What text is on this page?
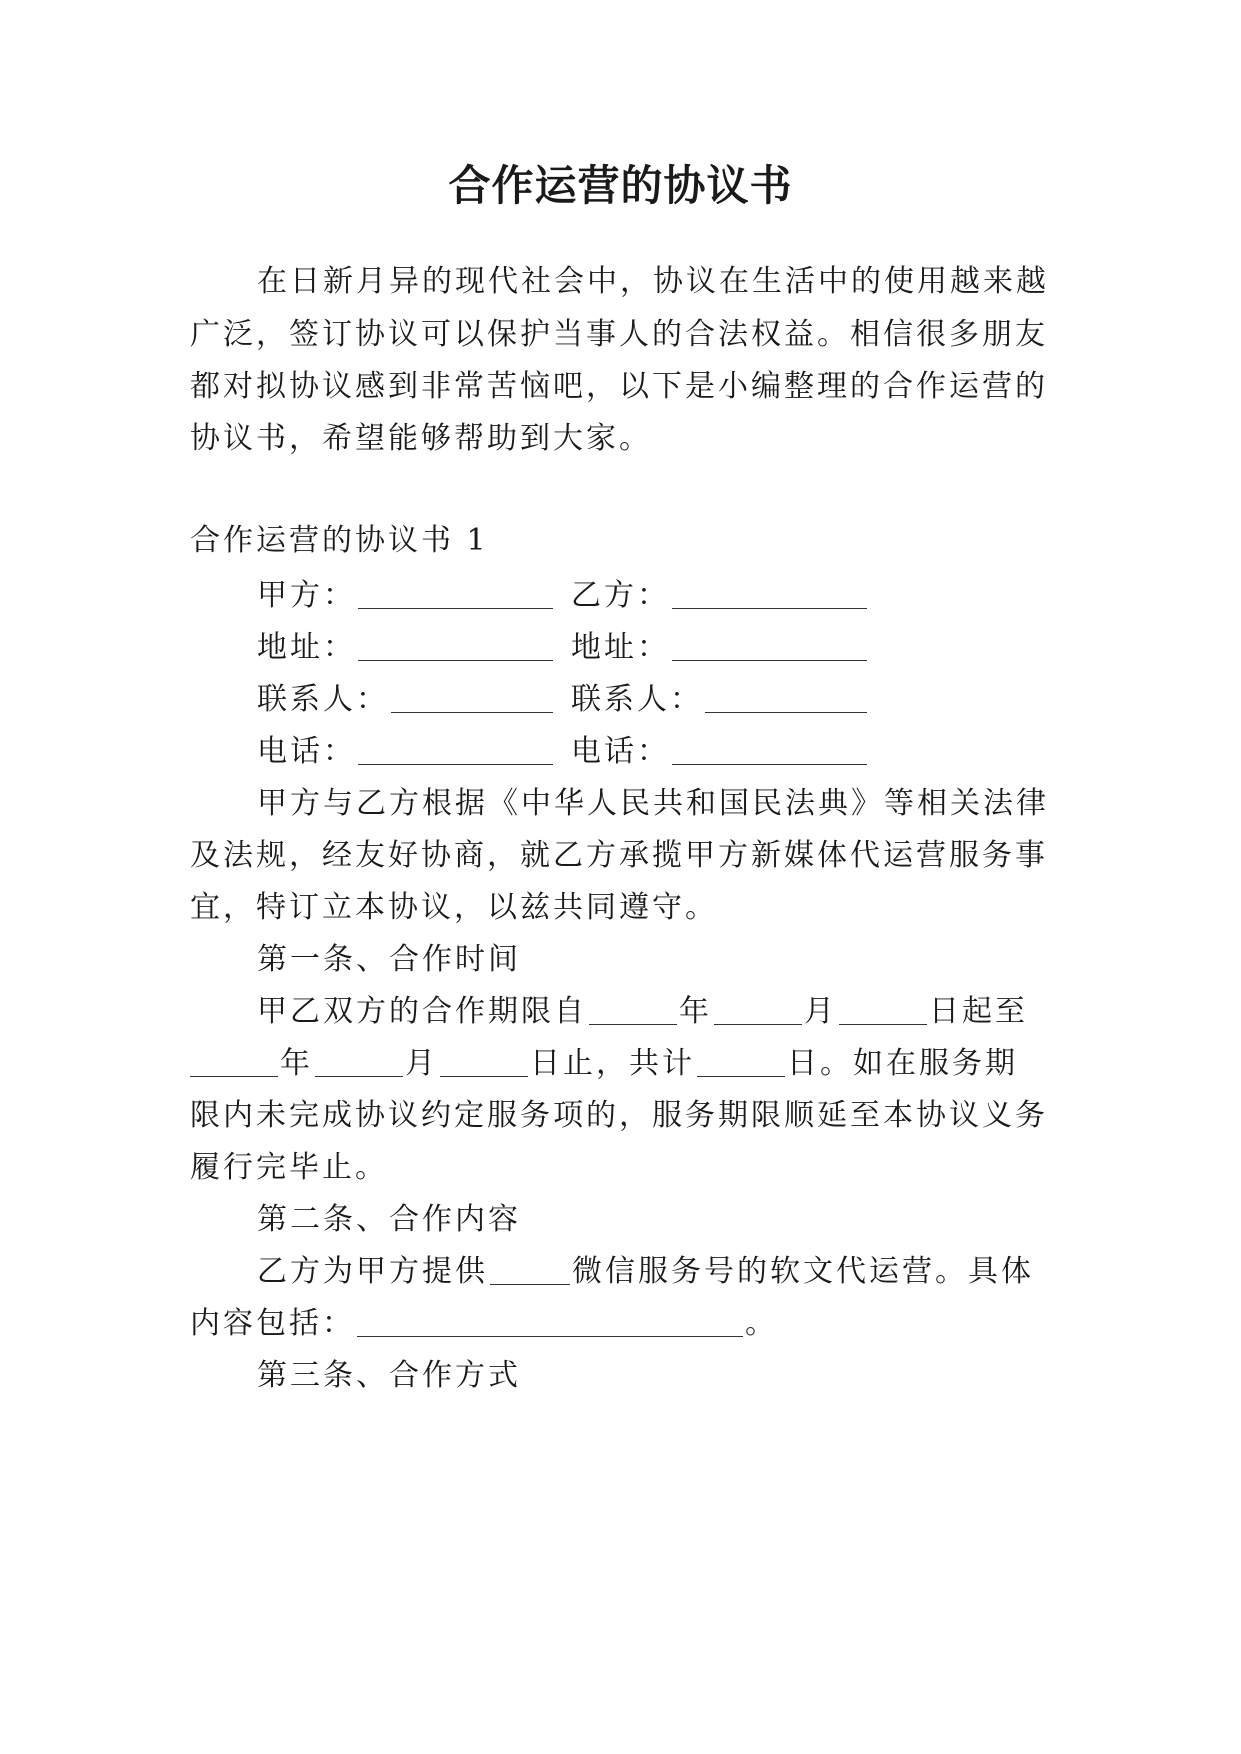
合作运营的协议书
在日新月异的现代社会中，协议在生活中的使用越来越
广泛，签订协议可以保护当事人的合法权益。相信很多朋友
都对拟协议感到非常苦恼吧，以下是小编整理的合作运营的
协议书，希望能够帮助到大家。
合作运营的协议书 1
甲方：	乙方：
地址：	地址：
联系人：	联系人：
电话：	电话：
甲方与乙方根据《中华人民共和国民法典》等相关法律
及法规，经友好协商，就乙方承揽甲方新媒体代运营服务事
宜，特订立本协议，以兹共同遵守。
第一条、合作时间
甲乙双方的合作期限自	年	月	日起至
年	月	日止，共计	日。如在服务期
限内未完成协议约定服务项的，服务期限顺延至本协议义务
履行完毕止。
第二条、合作内容
乙方为甲方提供	微信服务号的软文代运营。具体
内容包括：	。
第三条、合作方式
